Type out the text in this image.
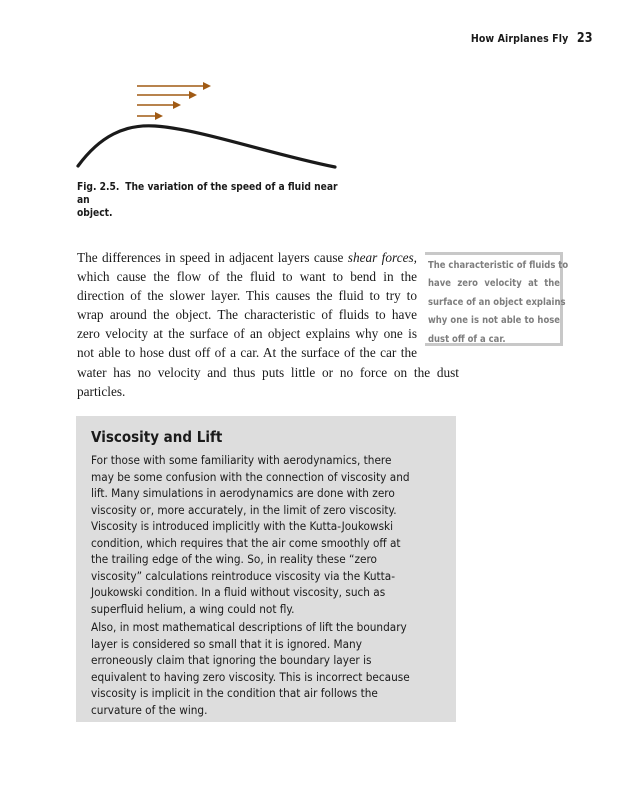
How Airplanes Fly 23
Fig. 2.5. The variation of the speed of a fluid near an
object.
The differences in speed in adjacent layers cause shear forces,
which cause the flow of the fluid to want to bend in the
direction of the slower layer. This causes the fluid to try to
wrap around the object. The characteristic of fluids to have
zero velocity at the surface of an object explains why one is
not able to hose dust off of a car. At the surface of the car the
water has no velocity and thus puts little or no force on the dust
particles.
The characteristic of fluids to
have zero velocity at the
surface of an object explains
why one is not able to hose
dust off of a car.
Viscosity and Lift

For those with some familiarity with aerodynamics, there
may be some confusion with the connection of viscosity and
lift. Many simulations in aerodynamics are done with zero
viscosity or, more accurately, in the limit of zero viscosity.
Viscosity is introduced implicitly with the Kutta-Joukowski
condition, which requires that the air come smoothly off at
the trailing edge of the wing. So, in reality these “zero
viscosity” calculations reintroduce viscosity via the Kutta-
Joukowski condition. In a fluid without viscosity, such as
superfluid helium, a wing could not fly.

Also, in most mathematical descriptions of lift the boundary
layer is considered so small that it is ignored. Many
erroneously claim that ignoring the boundary layer is
equivalent to having zero viscosity. This is incorrect because
viscosity is implicit in the condition that air follows the
curvature of the wing.
